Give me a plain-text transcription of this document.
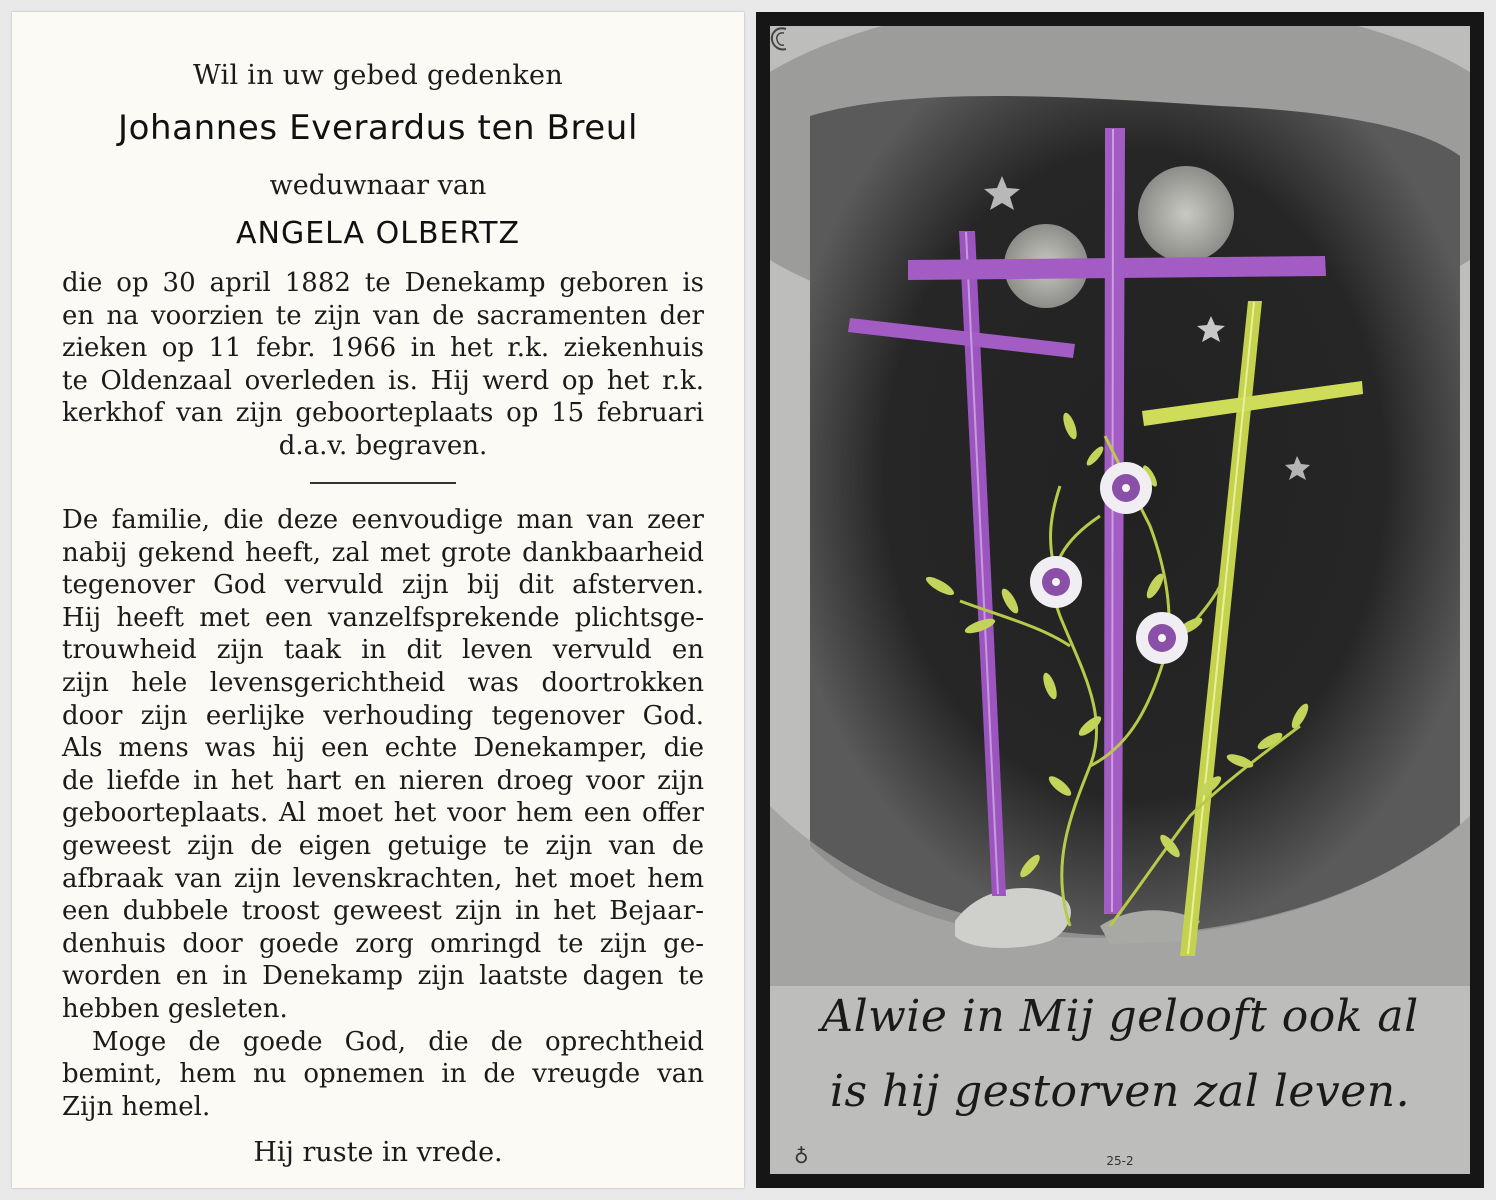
Wil in uw gebed gedenken
Johannes Everardus ten Breul
weduwnaar van
ANGELA OLBERTZ
die op 30 april 1882 te Denekamp geboren is
en na voorzien te zijn van de sacramenten der
zieken op 11 febr. 1966 in het r.k. ziekenhuis
te Oldenzaal overleden is. Hij werd op het r.k.
kerkhof van zijn geboorteplaats op 15 februari
d.a.v. begraven.
De familie, die deze eenvoudige man van zeer
nabij gekend heeft, zal met grote dankbaarheid
tegenover God vervuld zijn bij dit afsterven.
Hij heeft met een vanzelfsprekende plichtsge-
trouwheid zijn taak in dit leven vervuld en
zijn hele levensgerichtheid was doortrokken
door zijn eerlijke verhouding tegenover God.
Als mens was hij een echte Denekamper, die
de liefde in het hart en nieren droeg voor zijn
geboorteplaats. Al moet het voor hem een offer
geweest zijn de eigen getuige te zijn van de
afbraak van zijn levenskrachten, het moet hem
een dubbele troost geweest zijn in het Bejaar-
denhuis door goede zorg omringd te zijn ge-
worden en in Denekamp zijn laatste dagen te
hebben gesleten.
Moge de goede God, die de oprechtheid
bemint, hem nu opnemen in de vreugde van
Zijn hemel.
Hij ruste in vrede.
Alwie in Mij gelooft ook al
is hij gestorven zal leven.
♁	25-2
